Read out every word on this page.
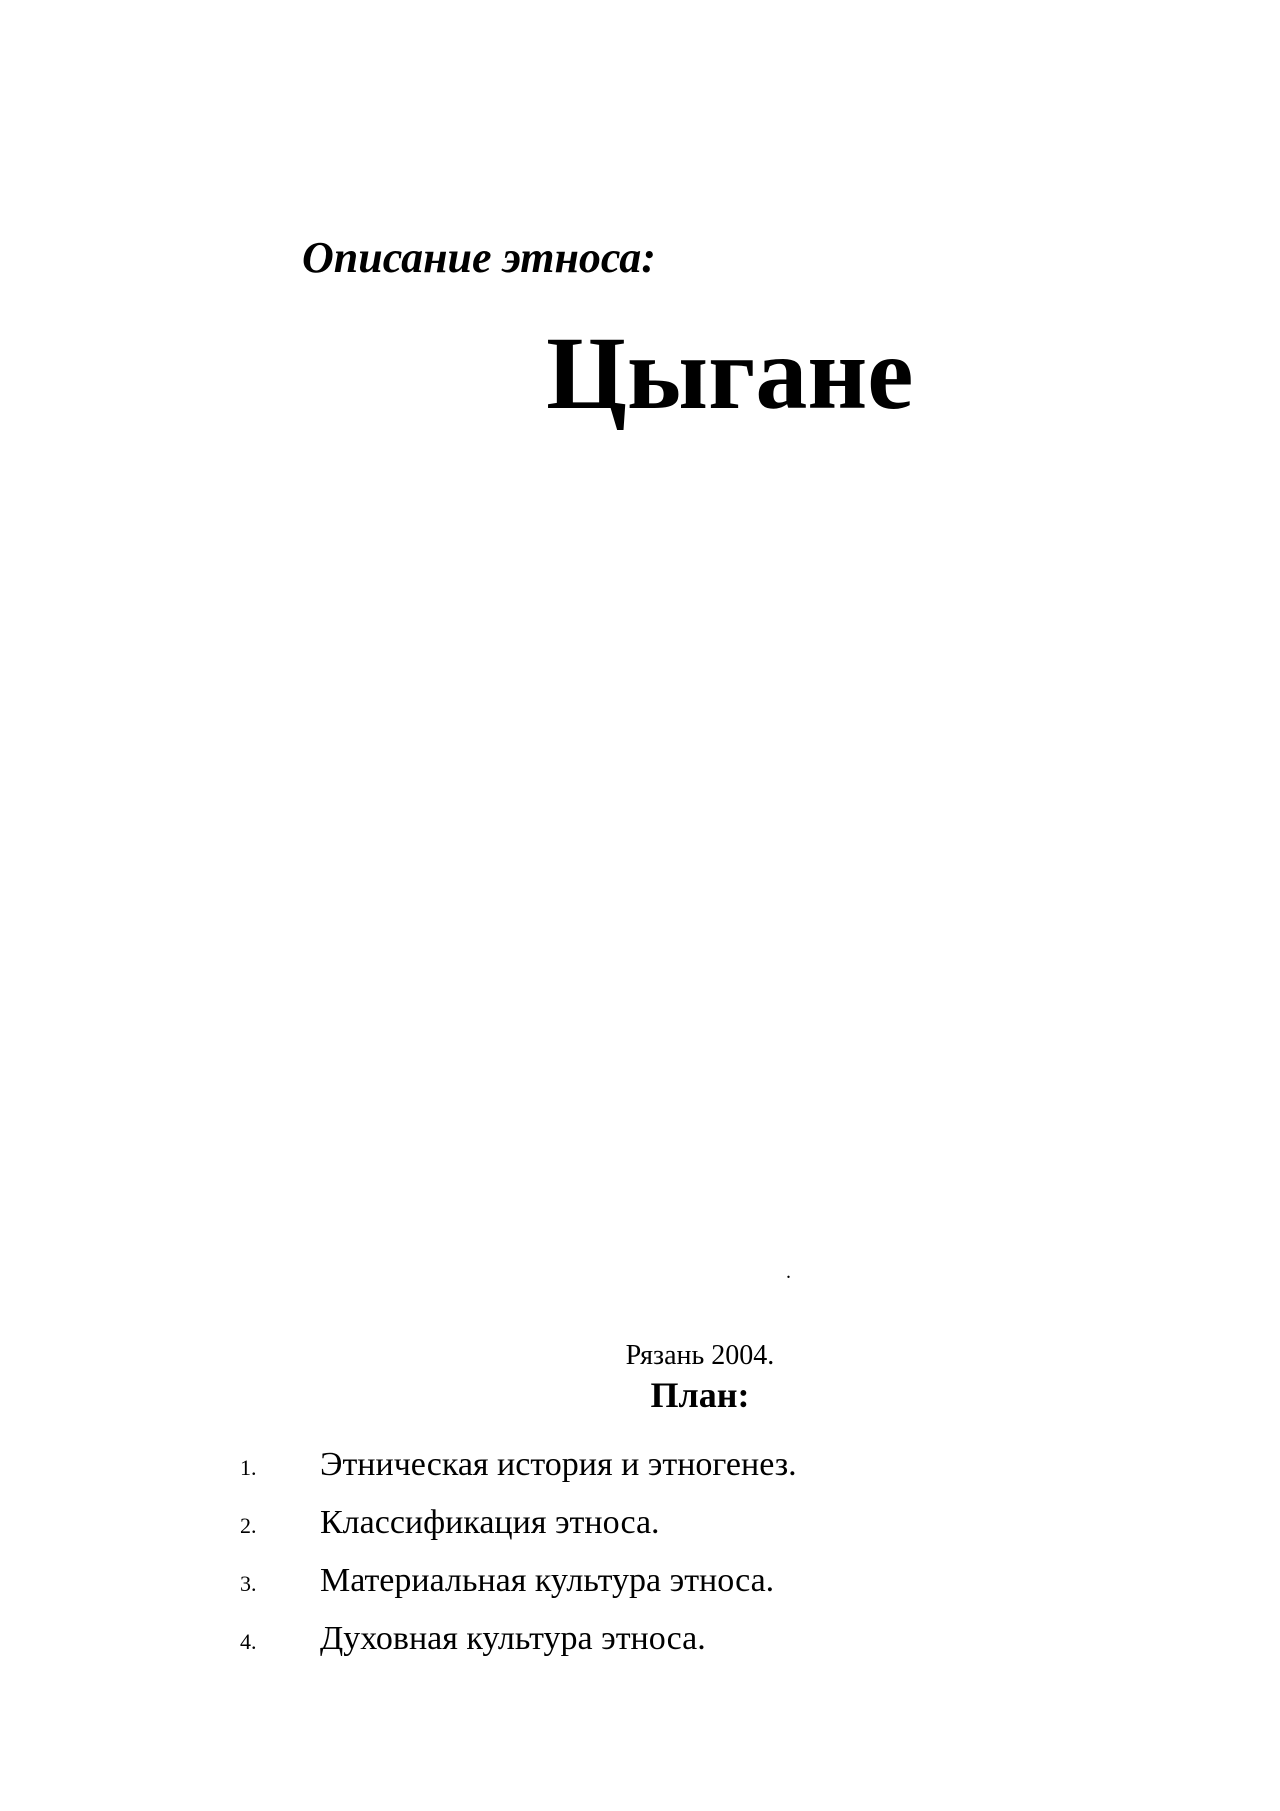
Описание этноса:
Цыгане
.
Рязань 2004.
План:
1. Этническая история и этногенез.
2. Классификация этноса.
3. Материальная культура этноса.
4. Духовная культура этноса.
